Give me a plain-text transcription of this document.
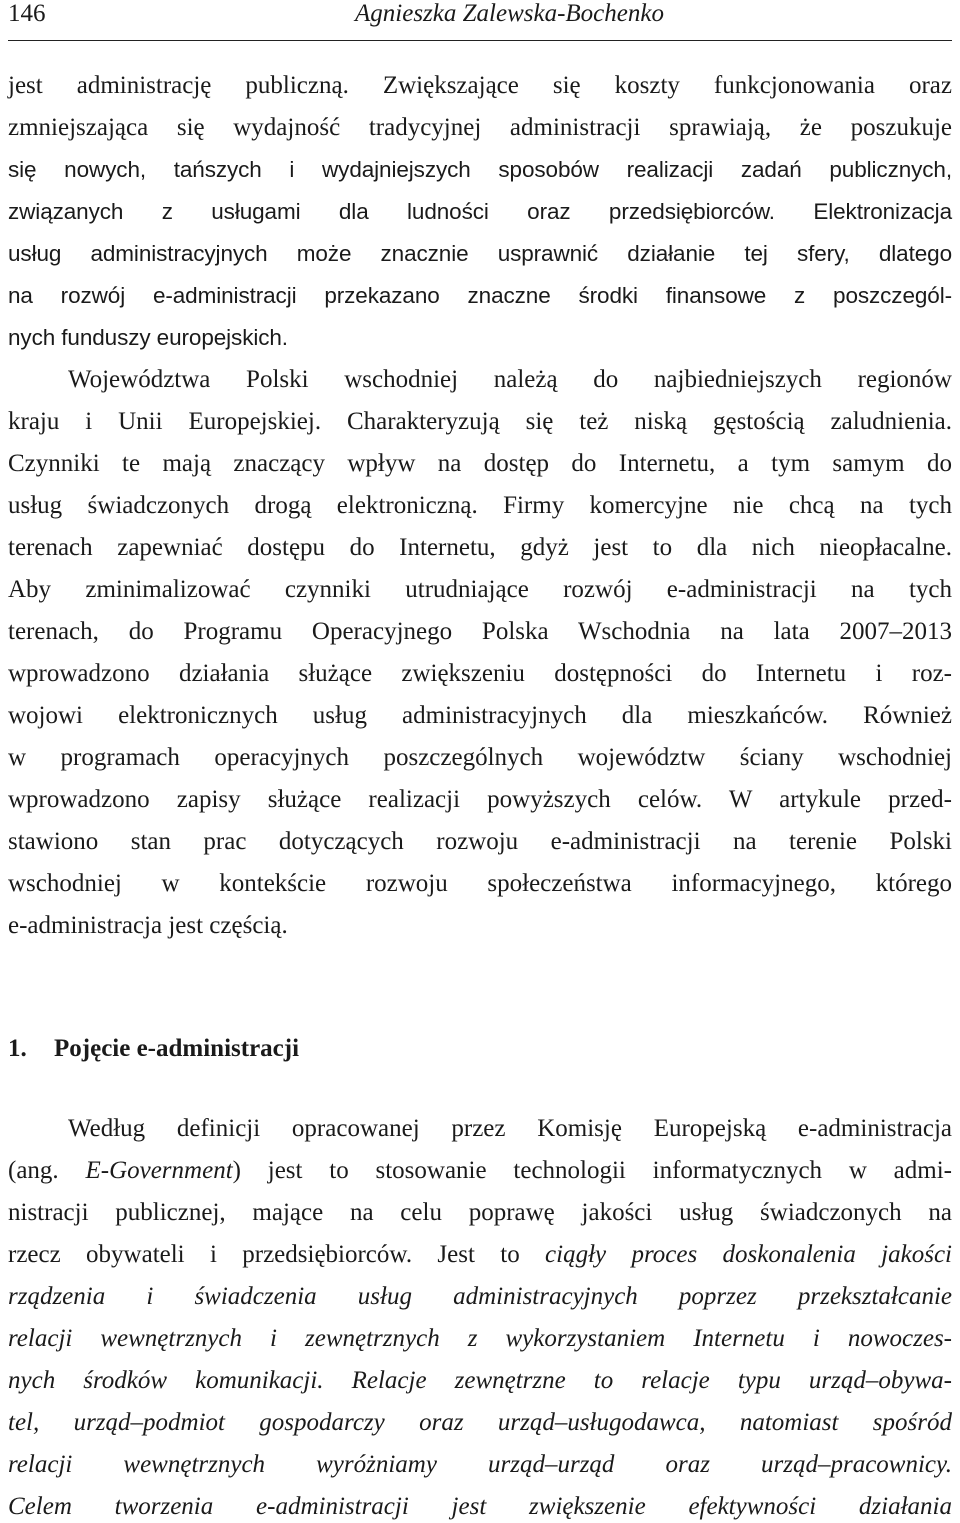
146	Agnieszka Zalewska-Bochenko

jest administrację publiczną. Zwiększające się koszty funkcjonowania oraz

zmniejszająca się wydajność tradycyjnej administracji sprawiają, że poszukuje

się nowych, tańszych i wydajniejszych sposobów realizacji zadań publicznych,

związanych z usługami dla ludności oraz przedsiębiorców. Elektronizacja

usług administracyjnych może znacznie usprawnić działanie tej sfery, dlatego

na rozwój e-administracji przekazano znaczne środki finansowe z poszczegól-

nych funduszy europejskich.

Województwa Polski wschodniej należą do najbiedniejszych regionów

kraju i Unii Europejskiej. Charakteryzują się też niską gęstością zaludnienia.

Czynniki te mają znaczący wpływ na dostęp do Internetu, a tym samym do

usług świadczonych drogą elektroniczną. Firmy komercyjne nie chcą na tych

terenach zapewniać dostępu do Internetu, gdyż jest to dla nich nieopłacalne.

Aby zminimalizować czynniki utrudniające rozwój e-administracji na tych

terenach, do Programu Operacyjnego Polska Wschodnia na lata 2007–2013

wprowadzono działania służące zwiększeniu dostępności do Internetu i roz-

wojowi elektronicznych usług administracyjnych dla mieszkańców. Również

w programach operacyjnych poszczególnych województw ściany wschodniej

wprowadzono zapisy służące realizacji powyższych celów. W artykule przed-

stawiono stan prac dotyczących rozwoju e-administracji na terenie Polski

wschodniej w kontekście rozwoju społeczeństwa informacyjnego, którego

e-administracja jest częścią.

1. Pojęcie e-administracji

Według definicji opracowanej przez Komisję Europejską e-administracja

(ang. E-Government) jest to stosowanie technologii informatycznych w admi-

nistracji publicznej, mające na celu poprawę jakości usług świadczonych na

rzecz obywateli i przedsiębiorców. Jest to ciągły proces doskonalenia jakości

rządzenia i świadczenia usług administracyjnych poprzez przekształcanie

relacji wewnętrznych i zewnętrznych z wykorzystaniem Internetu i nowoczes-

nych środków komunikacji. Relacje zewnętrzne to relacje typu urząd–obywa-

tel, urząd–podmiot gospodarczy oraz urząd–usługodawca, natomiast spośród

relacji wewnętrznych wyróżniamy urząd–urząd oraz urząd–pracownicy.

Celem tworzenia e-administracji jest zwiększenie efektywności działania
